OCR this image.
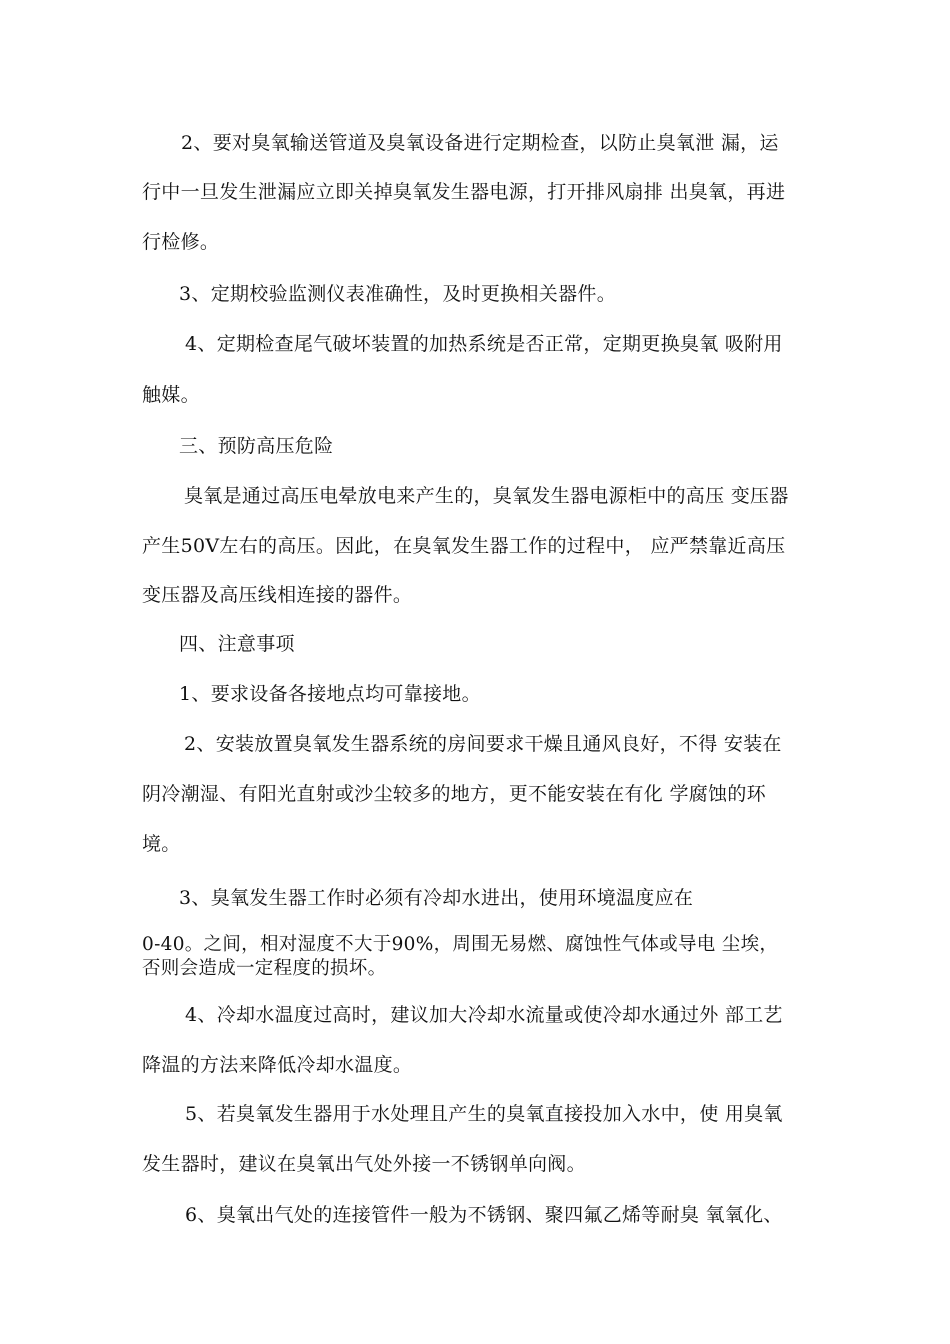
2、要对臭氧输送管道及臭氧设备进行定期检查，以防止臭氧泄 漏，运
行中一旦发生泄漏应立即关掉臭氧发生器电源，打开排风扇排 出臭氧，再进
行检修。
3、定期校验监测仪表准确性，及时更换相关器件。
4、定期检查尾气破坏装置的加热系统是否正常，定期更换臭氧 吸附用
触媒。
三、预防高压危险
臭氧是通过高压电晕放电来产生的，臭氧发生器电源柜中的高压 变压器
产生50V左右的高压。因此，在臭氧发生器工作的过程中， 应严禁靠近高压
变压器及高压线相连接的器件。
四、注意事项
1、要求设备各接地点均可靠接地。
2、安装放置臭氧发生器系统的房间要求干燥且通风良好，不得 安装在
阴冷潮湿、有阳光直射或沙尘较多的地方，更不能安装在有化 学腐蚀的环
境。
3、臭氧发生器工作时必须有冷却水进出，使用环境温度应在
0-40。之间，相对湿度不大于90%，周围无易燃、腐蚀性气体或导电 尘埃，
否则会造成一定程度的损坏。
4、冷却水温度过高时，建议加大冷却水流量或使冷却水通过外 部工艺
降温的方法来降低冷却水温度。
5、若臭氧发生器用于水处理且产生的臭氧直接投加入水中，使 用臭氧
发生器时，建议在臭氧出气处外接一不锈钢单向阀。
6、臭氧出气处的连接管件一般为不锈钢、聚四氟乙烯等耐臭 氧氧化、
